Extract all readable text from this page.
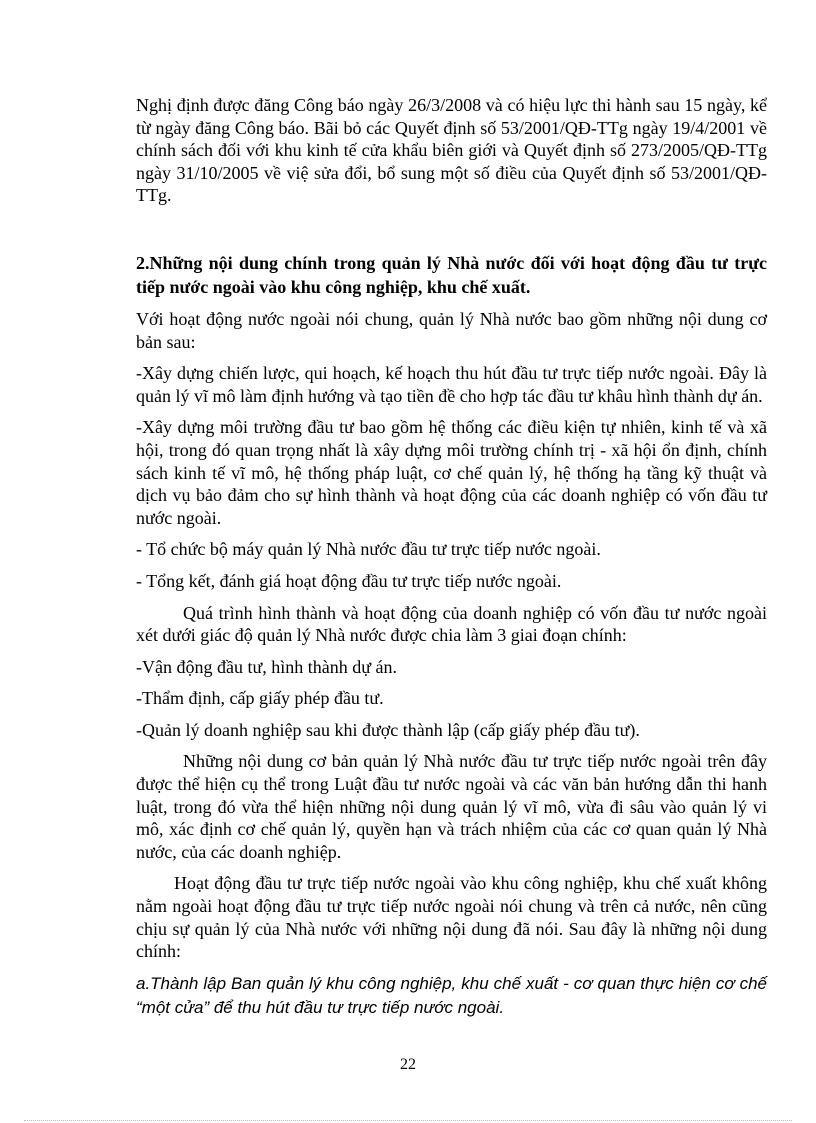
Nghị định được đăng Công báo ngày 26/3/2008 và có hiệu lực thi hành sau 15 ngày, kể từ ngày đăng Công báo. Bãi bỏ các Quyết định số 53/2001/QĐ-TTg ngày 19/4/2001 về chính sách đối với khu kinh tế cửa khẩu biên giới và Quyết định số 273/2005/QĐ-TTg ngày 31/10/2005 về việ sửa đổi, bổ sung một số điều của Quyết định số 53/2001/QĐ-TTg.

2.Những nội dung chính trong quản lý Nhà nước đối với hoạt động đầu tư trực tiếp nước ngoài vào khu công nghiệp, khu chế xuất.

Với hoạt động nước ngoài nói chung, quản lý Nhà nước bao gồm những nội dung cơ bản sau:

-Xây dựng chiến lược, qui hoạch, kế hoạch thu hút đầu tư trực tiếp nước ngoài. Đây là quản lý vĩ mô làm định hướng và tạo tiền đề cho hợp tác đầu tư khâu hình thành dự án.

-Xây dựng môi trường đầu tư bao gồm hệ thống các điều kiện tự nhiên, kinh tế và xã hội, trong đó quan trọng nhất là xây dựng môi trường chính trị - xã hội ổn định, chính sách kinh tế vĩ mô, hệ thống pháp luật, cơ chế quản lý, hệ thống hạ tầng kỹ thuật và dịch vụ bảo đảm cho sự hình thành và hoạt động của các doanh nghiệp có vốn đầu tư nước ngoài.

- Tổ chức bộ máy quản lý Nhà nước đầu tư trực tiếp nước ngoài.

- Tổng kết, đánh giá hoạt động đầu tư trực tiếp nước ngoài.

Quá trình hình thành và hoạt động của doanh nghiệp có vốn đầu tư nước ngoài xét dưới giác độ quản lý Nhà nước được chia làm 3 giai đoạn chính:

-Vận động đầu tư, hình thành dự án.

-Thẩm định, cấp giấy phép đầu tư.

-Quản lý doanh nghiệp sau khi được thành lập (cấp giấy phép đầu tư).

Những nội dung cơ bản quản lý Nhà nước đầu tư trực tiếp nước ngoài trên đây được thể hiện cụ thể trong Luật đầu tư nước ngoài và các văn bản hướng dẫn thi hanh luật, trong đó vừa thể hiện những nội dung quản lý vĩ mô, vừa đi sâu vào quản lý vi mô, xác định cơ chế quản lý, quyền hạn và trách nhiệm của các cơ quan quản lý Nhà nước, của các doanh nghiệp.

Hoạt động đầu tư trực tiếp nước ngoài vào khu công nghiệp, khu chế xuất không nằm ngoài hoạt động đầu tư trực tiếp nước ngoài nói chung và trên cả nước, nên cũng chịu sự quản lý của Nhà nước với những nội dung đã nói. Sau đây là những nội dung chính:

a.Thành lập Ban quản lý khu công nghiệp, khu chế xuất - cơ quan thực hiện cơ chế “một cửa” để thu hút đầu tư trực tiếp nước ngoài.

22
